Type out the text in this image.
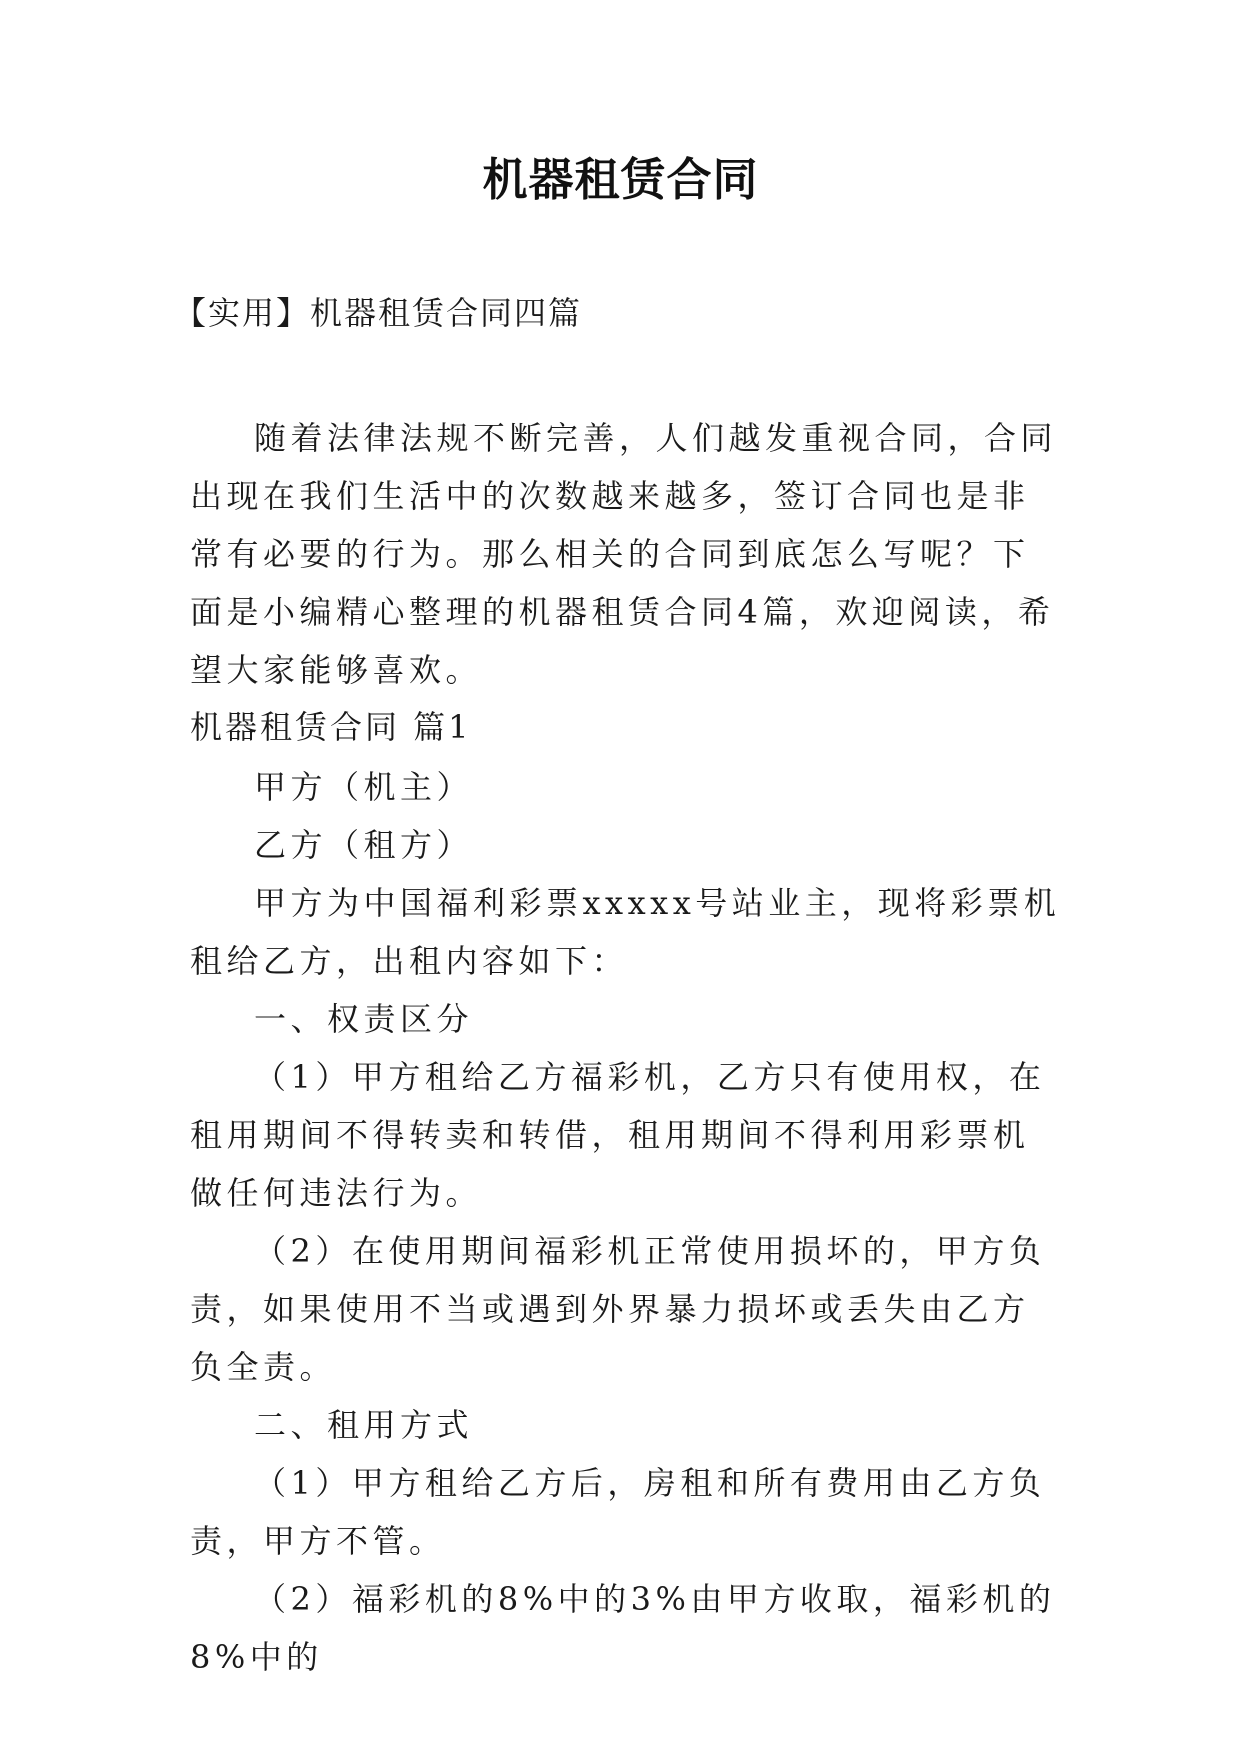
机器租赁合同
【实用】机器租赁合同四篇

随着法律法规不断完善，人们越发重视合同，合同出现在我们生活中的次数越来越多，签订合同也是非常有必要的行为。那么相关的合同到底怎么写呢？下面是小编精心整理的机器租赁合同4篇，欢迎阅读，希望大家能够喜欢。

机器租赁合同 篇1

甲方（机主）

乙方（租方）

甲方为中国福利彩票xxxxx号站业主，现将彩票机租给乙方，出租内容如下：

一、权责区分

（1）甲方租给乙方福彩机，乙方只有使用权，在租用期间不得转卖和转借，租用期间不得利用彩票机做任何违法行为。

（2）在使用期间福彩机正常使用损坏的，甲方负责，如果使用不当或遇到外界暴力损坏或丢失由乙方负全责。

二、租用方式

（1）甲方租给乙方后，房租和所有费用由乙方负责，甲方不管。

（2）福彩机的8%中的3%由甲方收取，福彩机的8%中的
